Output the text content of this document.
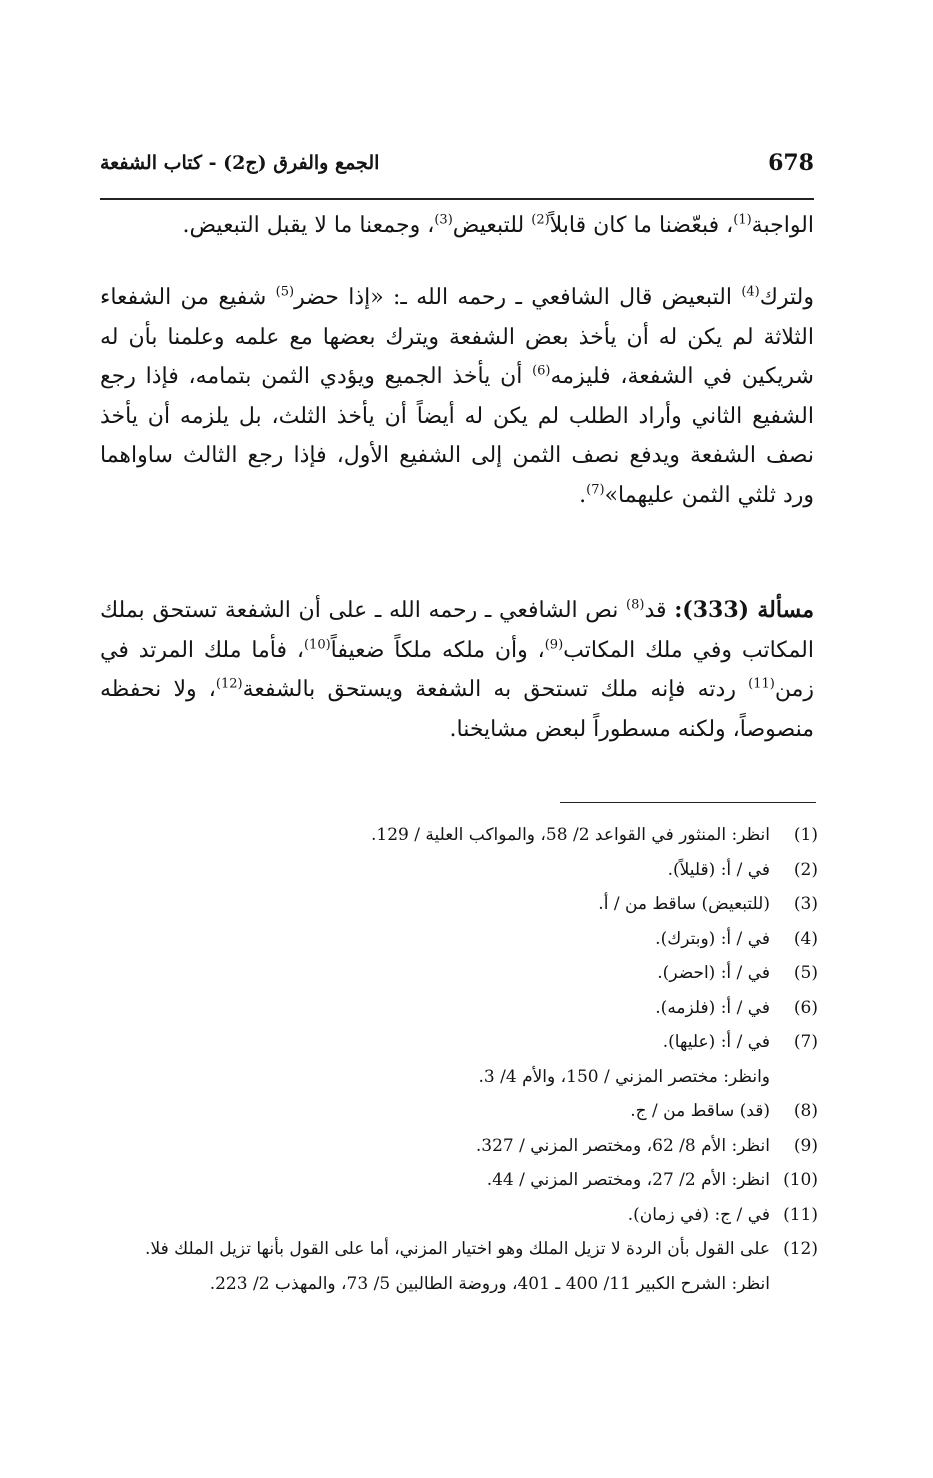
678
الجمع والفرق (ج2) - كتاب الشفعة
الواجبة$^{(1)}$، فبعّضنا ما كان قابلاً$^{(2)}$ للتبعيض$^{(3)}$، وجمعنا ما لا يقبل التبعيض.
ولترك$^{(4)}$ التبعيض قال الشافعي ـ رحمه الله ـ: «إذا حضر$^{(5)}$ شفيع من الشفعاء الثلاثة لم يكن له أن يأخذ بعض الشفعة ويترك بعضها مع علمه وعلمنا بأن له شريكين في الشفعة، فليزمه$^{(6)}$ أن يأخذ الجميع ويؤدي الثمن بتمامه، فإذا رجع الشفيع الثاني وأراد الطلب لم يكن له أيضاً أن يأخذ الثلث، بل يلزمه أن يأخذ نصف الشفعة ويدفع نصف الثمن إلى الشفيع الأول، فإذا رجع الثالث ساواهما ورد ثلثي الثمن عليهما»$^{(7)}$.
مسألة (333): قد$^{(8)}$ نص الشافعي ـ رحمه الله ـ على أن الشفعة تستحق بملك المكاتب وفي ملك المكاتب$^{(9)}$، وأن ملكه ملكاً ضعيفاً$^{(10)}$، فأما ملك المرتد في زمن$^{(11)}$ ردته فإنه ملك تستحق به الشفعة ويستحق بالشفعة$^{(12)}$، ولا نحفظه منصوصاً، ولكنه مسطوراً لبعض مشايخنا.
(1)
انظر: المنثور في القواعد 2/ 58، والمواكب العلية / 129.
(2)
في / أ: (قليلاً).
(3)
(للتبعيض) ساقط من / أ.
(4)
في / أ: (وبترك).
(5)
في / أ: (احضر).
(6)
في / أ: (فلزمه).
(7)
في / أ: (عليها).
وانظر: مختصر المزني / 150، والأم 4/ 3.
(8)
(قد) ساقط من / ج.
(9)
انظر: الأم 8/ 62، ومختصر المزني / 327.
(10)
انظر: الأم 2/ 27، ومختصر المزني / 44.
(11)
في / ج: (في زمان).
(12)
على القول بأن الردة لا تزيل الملك وهو اختيار المزني، أما على القول بأنها تزيل الملك فلا.
انظر: الشرح الكبير 11/ 400 ـ 401، وروضة الطالبين 5/ 73، والمهذب 2/ 223.
